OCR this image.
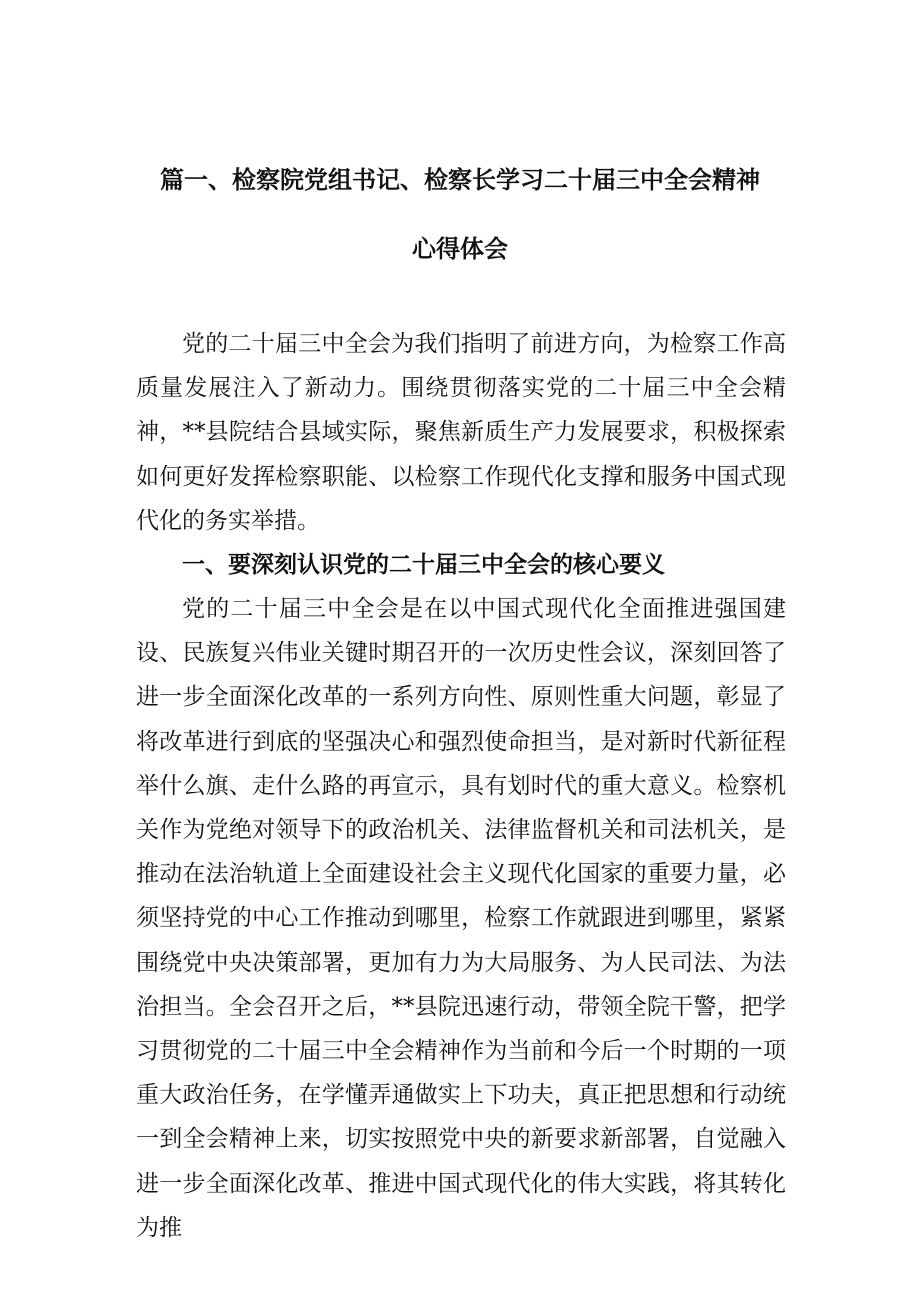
篇一、检察院党组书记、检察长学习二十届三中全会精神
心得体会

党的二十届三中全会为我们指明了前进方向，为检察工作高质量发展注入了新动力。围绕贯彻落实党的二十届三中全会精神，**县院结合县域实际，聚焦新质生产力发展要求，积极探索如何更好发挥检察职能、以检察工作现代化支撑和服务中国式现代化的务实举措。

一、要深刻认识党的二十届三中全会的核心要义

党的二十届三中全会是在以中国式现代化全面推进强国建设、民族复兴伟业关键时期召开的一次历史性会议，深刻回答了进一步全面深化改革的一系列方向性、原则性重大问题，彰显了将改革进行到底的坚强决心和强烈使命担当，是对新时代新征程举什么旗、走什么路的再宣示，具有划时代的重大意义。检察机关作为党绝对领导下的政治机关、法律监督机关和司法机关，是推动在法治轨道上全面建设社会主义现代化国家的重要力量，必须坚持党的中心工作推动到哪里，检察工作就跟进到哪里，紧紧围绕党中央决策部署，更加有力为大局服务、为人民司法、为法治担当。全会召开之后，**县院迅速行动，带领全院干警，把学习贯彻党的二十届三中全会精神作为当前和今后一个时期的一项重大政治任务，在学懂弄通做实上下功夫，真正把思想和行动统一到全会精神上来，切实按照党中央的新要求新部署，自觉融入进一步全面深化改革、推进中国式现代化的伟大实践，将其转化为推
